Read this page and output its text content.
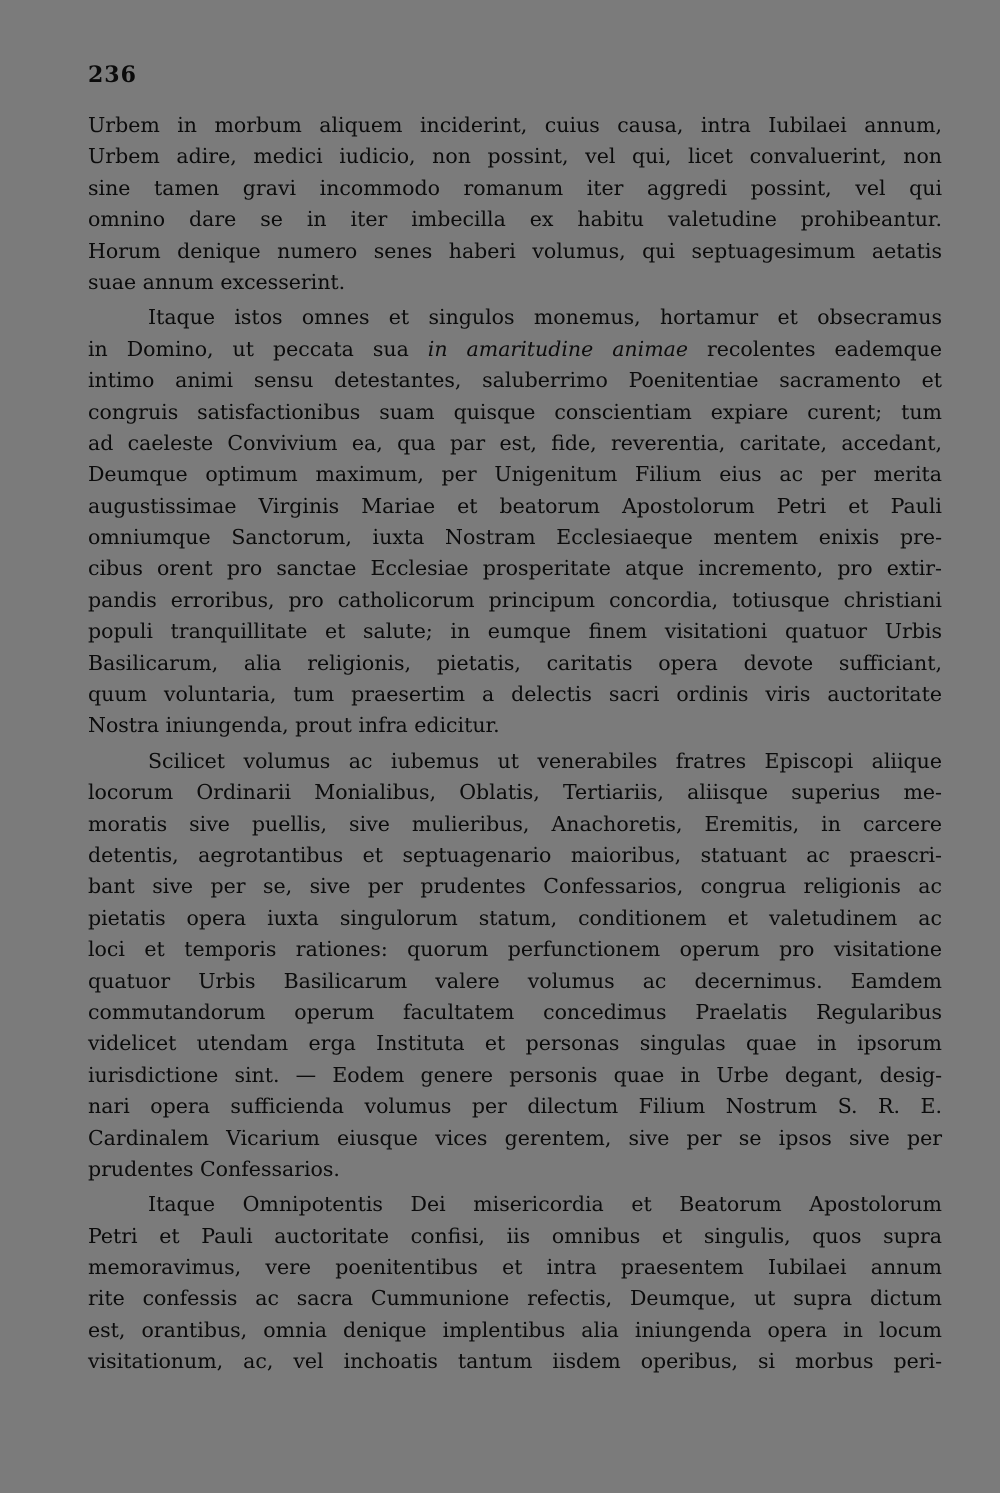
236
Urbem in morbum aliquem inciderint, cuius causa, intra Iubilaei annum,
Urbem adire, medici iudicio, non possint, vel qui, licet convaluerint, non
sine tamen gravi incommodo romanum iter aggredi possint, vel qui
omnino dare se in iter imbecilla ex habitu valetudine prohibeantur.
Horum denique numero senes haberi volumus, qui septuagesimum aetatis
suae annum excesserint.
Itaque istos omnes et singulos monemus, hortamur et obsecramus
in Domino, ut peccata sua in amaritudine animae recolentes eademque
intimo animi sensu detestantes, saluberrimo Poenitentiae sacramento et
congruis satisfactionibus suam quisque conscientiam expiare curent; tum
ad caeleste Convivium ea, qua par est, fide, reverentia, caritate, accedant,
Deumque optimum maximum, per Unigenitum Filium eius ac per merita
augustissimae Virginis Mariae et beatorum Apostolorum Petri et Pauli
omniumque Sanctorum, iuxta Nostram Ecclesiaeque mentem enixis pre-
cibus orent pro sanctae Ecclesiae prosperitate atque incremento, pro extir-
pandis erroribus, pro catholicorum principum concordia, totiusque christiani
populi tranquillitate et salute; in eumque finem visitationi quatuor Urbis
Basilicarum, alia religionis, pietatis, caritatis opera devote sufficiant,
quum voluntaria, tum praesertim a delectis sacri ordinis viris auctoritate
Nostra iniungenda, prout infra edicitur.
Scilicet volumus ac iubemus ut venerabiles fratres Episcopi aliique
locorum Ordinarii Monialibus, Oblatis, Tertiariis, aliisque superius me-
moratis sive puellis, sive mulieribus, Anachoretis, Eremitis, in carcere
detentis, aegrotantibus et septuagenario maioribus, statuant ac praescri-
bant sive per se, sive per prudentes Confessarios, congrua religionis ac
pietatis opera iuxta singulorum statum, conditionem et valetudinem ac
loci et temporis rationes: quorum perfunctionem operum pro visitatione
quatuor Urbis Basilicarum valere volumus ac decernimus. Eamdem
commutandorum operum facultatem concedimus Praelatis Regularibus
videlicet utendam erga Instituta et personas singulas quae in ipsorum
iurisdictione sint. — Eodem genere personis quae in Urbe degant, desig-
nari opera sufficienda volumus per dilectum Filium Nostrum S. R. E.
Cardinalem Vicarium eiusque vices gerentem, sive per se ipsos sive per
prudentes Confessarios.
Itaque Omnipotentis Dei misericordia et Beatorum Apostolorum
Petri et Pauli auctoritate confisi, iis omnibus et singulis, quos supra
memoravimus, vere poenitentibus et intra praesentem Iubilaei annum
rite confessis ac sacra Cummunione refectis, Deumque, ut supra dictum
est, orantibus, omnia denique implentibus alia iniungenda opera in locum
visitationum, ac, vel inchoatis tantum iisdem operibus, si morbus peri-
